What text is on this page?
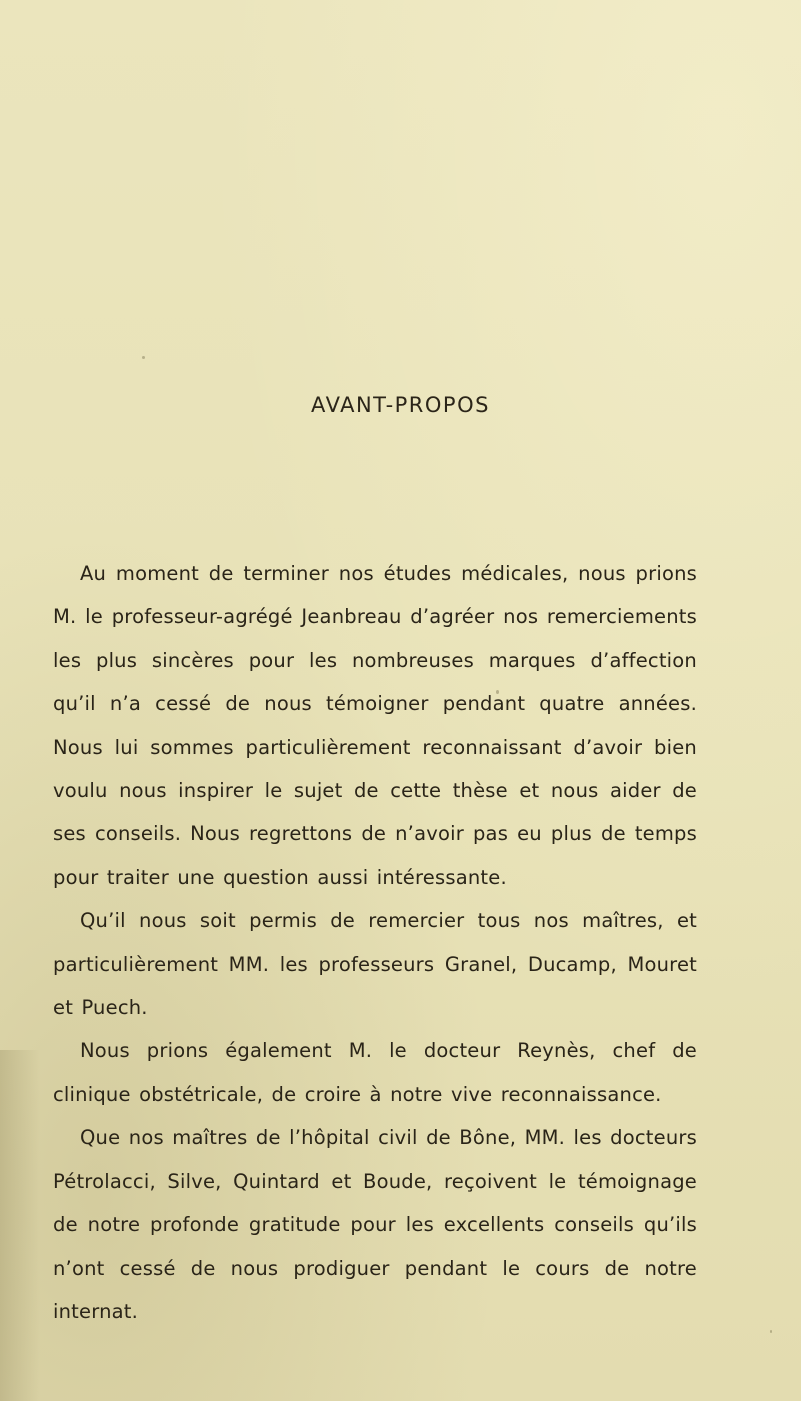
AVANT-PROPOS

Au moment de terminer nos études médicales, nous prions M. le professeur-agrégé Jeanbreau d’agréer nos remerciements les plus sincères pour les nombreuses marques d’affection qu’il n’a cessé de nous témoigner pendant quatre années. Nous lui sommes particulièrement reconnaissant d’avoir bien voulu nous inspirer le sujet de cette thèse et nous aider de ses conseils. Nous regrettons de n’avoir pas eu plus de temps pour traiter une question aussi intéressante.

Qu’il nous soit permis de remercier tous nos maîtres, et particulièrement MM. les professeurs Granel, Ducamp, Mouret et Puech.

Nous prions également M. le docteur Reynès, chef de clinique obstétricale, de croire à notre vive reconnaissance.

Que nos maîtres de l’hôpital civil de Bône, MM. les docteurs Pétrolacci, Silve, Quintard et Boude, reçoivent le témoignage de notre profonde gratitude pour les excellents conseils qu’ils n’ont cessé de nous prodiguer pendant le cours de notre internat.
